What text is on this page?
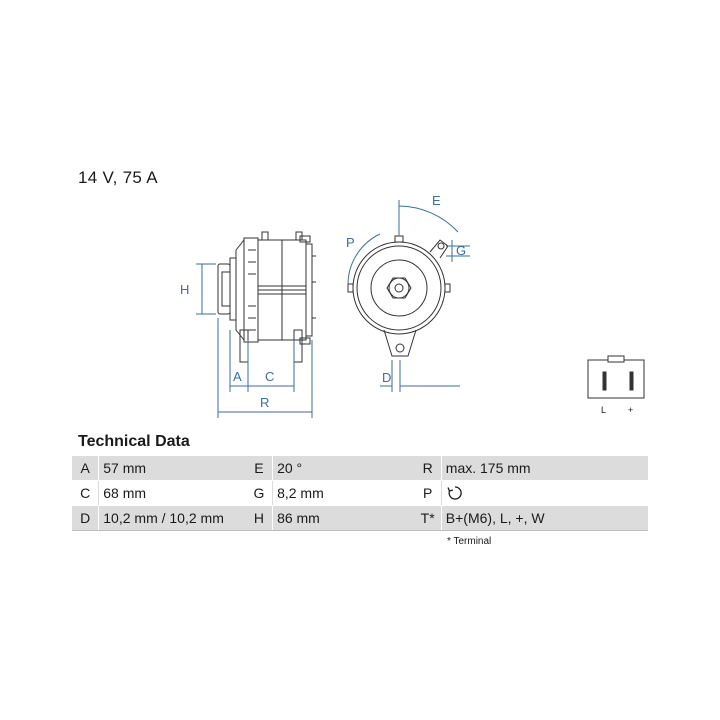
14 V, 75 A
H
A C
R
E
P
G
D
L +
Technical Data
A	57 mm	E	20 °	R	max. 175 mm
C	68 mm	G	8,2 mm	P	
D	10,2 mm / 10,2 mm	H	86 mm	T*	B+(M6), L, +, W
* Terminal
